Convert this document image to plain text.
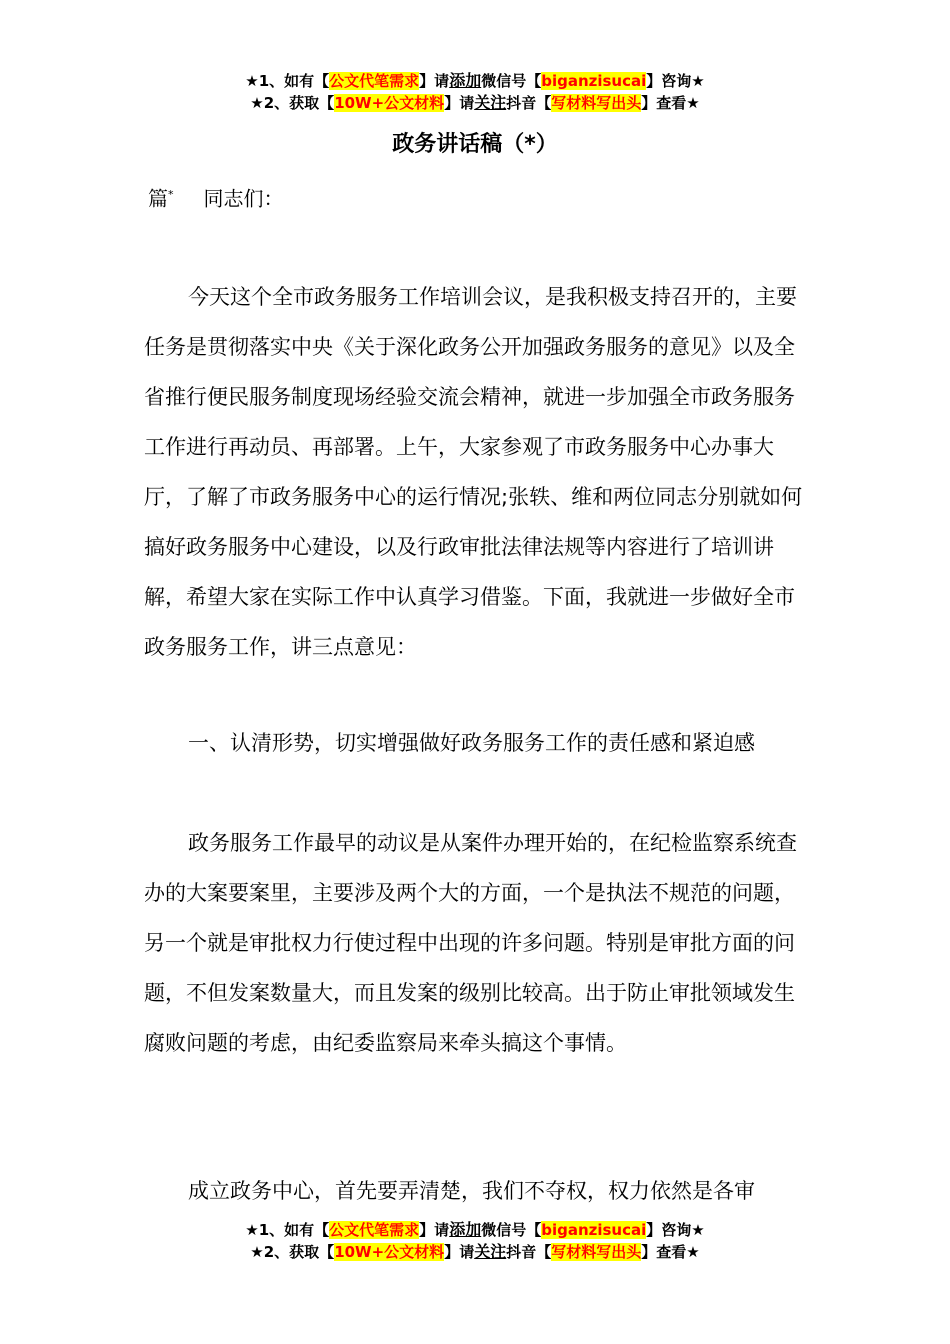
★1、如有【公文代笔需求】请添加微信号【biganzisucai】咨询★
★2、获取【10W+公文材料】请关注抖音【写材料写出头】查看★
政务讲话稿（*）
篇* 同志们：

今天这个全市政务服务工作培训会议，是我积极支持召开的，主要任务是贯彻落实中央《关于深化政务公开加强政务服务的意见》以及全省推行便民服务制度现场经验交流会精神，就进一步加强全市政务服务工作进行再动员、再部署。上午，大家参观了市政务服务中心办事大厅，了解了市政务服务中心的运行情况;张轶、维和两位同志分别就如何搞好政务服务中心建设，以及行政审批法律法规等内容进行了培训讲解，希望大家在实际工作中认真学习借鉴。下面，我就进一步做好全市政务服务工作，讲三点意见：

一、认清形势，切实增强做好政务服务工作的责任感和紧迫感

政务服务工作最早的动议是从案件办理开始的，在纪检监察系统查办的大案要案里，主要涉及两个大的方面，一个是执法不规范的问题，另一个就是审批权力行使过程中出现的许多问题。特别是审批方面的问题，不但发案数量大，而且发案的级别比较高。出于防止审批领域发生腐败问题的考虑，由纪委监察局来牵头搞这个事情。

成立政务中心，首先要弄清楚，我们不夺权，权力依然是各审

★1、如有【公文代笔需求】请添加微信号【biganzisucai】咨询★
★2、获取【10W+公文材料】请关注抖音【写材料写出头】查看★
